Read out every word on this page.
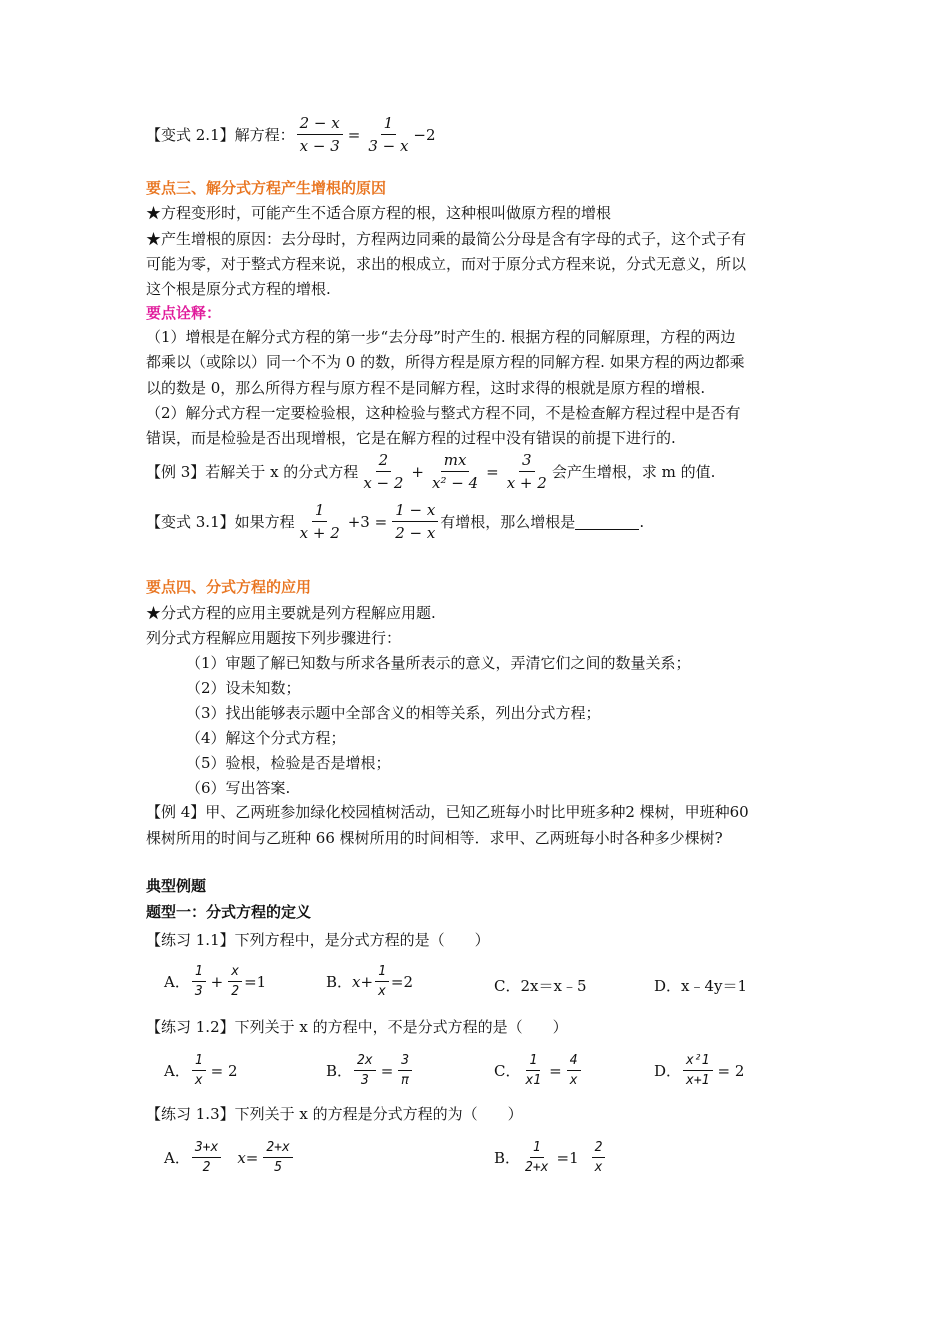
【变式 2.1】解方程： $\frac{2 - x}{x - 3} = \frac{1}{3 - x} -2$
要点三、解分式方程产生增根的原因
★方程变形时，可能产生不适合原方程的根，这种根叫做原方程的增根
★产生增根的原因：去分母时，方程两边同乘的最简公分母是含有字母的式子，这个式子有
可能为零，对于整式方程来说，求出的根成立，而对于原分式方程来说，分式无意义，所以
这个根是原分式方程的增根.
要点诠释：
（1）增根是在解分式方程的第一步“去分母”时产生的. 根据方程的同解原理，方程的两边
都乘以（或除以）同一个不为 0 的数，所得方程是原方程的同解方程. 如果方程的两边都乘
以的数是 0，那么所得方程与原方程不是同解方程，这时求得的根就是原方程的增根.
（2）解分式方程一定要检验根，这种检验与整式方程不同，不是检查解方程过程中是否有
错误，而是检验是否出现增根，它是在解方程的过程中没有错误的前提下进行的.
【例 3】若解关于 x 的分式方程 $\frac{2}{x - 2} + \frac{mx}{\text{x² − 4}} = \frac{3}{x + 2}$ 会产生增根，求 m 的值.
【变式 3.1】如果方程 $\frac{1}{x + 2} +3 = \frac{1 - x}{2 - x}$ 有增根，那么增根是	.
要点四、分式方程的应用
★分式方程的应用主要就是列方程解应用题.
列分式方程解应用题按下列步骤进行：
（1）审题了解已知数与所求各量所表示的意义，弄清它们之间的数量关系；
（2）设未知数；
（3）找出能够表示题中全部含义的相等关系，列出分式方程；
（4）解这个分式方程；
（5）验根，检验是否是增根；
（6）写出答案.
【例 4】甲、乙两班参加绿化校园植树活动，已知乙班每小时比甲班多种2 棵树，甲班种60
棵树所用的时间与乙班种 66 棵树所用的时间相等．求甲、乙两班每小时各种多少棵树?
典型例题
题型一：分式方程的定义
【练习 1.1】下列方程中，是分式方程的是（　　）
A． $\frac{1}{3} + \frac{x}{2} =1$	B． $x+ \frac{1}{x} =2$	C． 2x＝x﹣5	D． x﹣4y＝1
【练习 1.2】下列关于 x 的方程中，不是分式方程的是（　　）
A． $\frac{1}{x} = 2$	B． $\frac{2x}{3} = \frac{3}{\pi}$	C． $\frac{1}{x1} = \frac{4}{x}$	D． $\frac{\text{x²1}}{x+1} = 2$
【练习 1.3】下列关于 x 的方程是分式方程的为（　　）
A． $\frac{3+x}{2} x= \frac{2+x}{5}$	B． $\frac{1}{2+x} =1 \frac{2}{x}$
